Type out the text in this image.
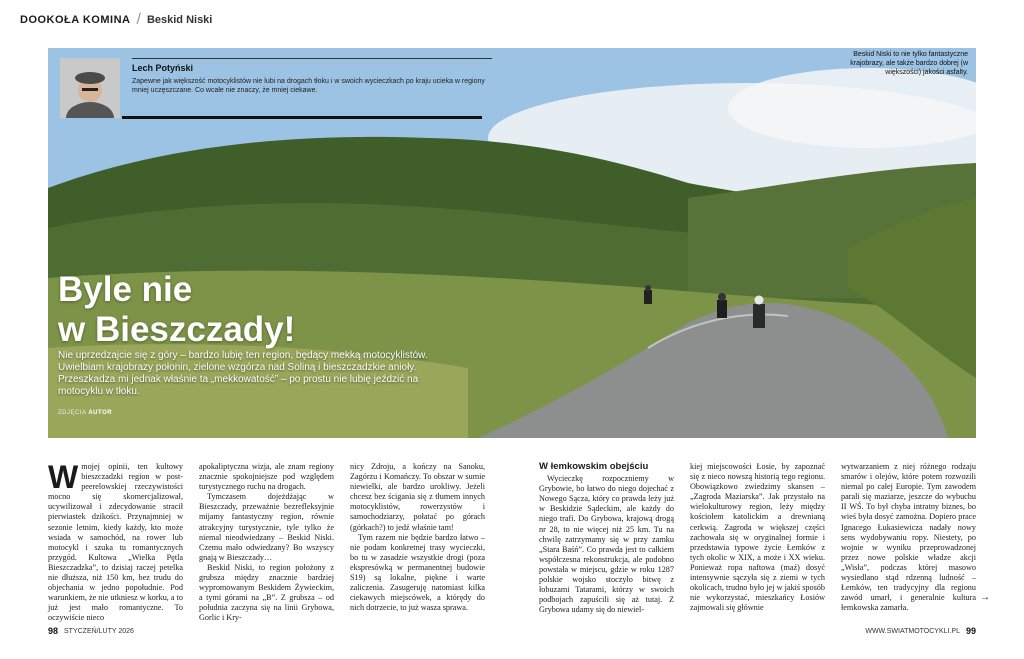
DOOKOŁA KOMINA / Beskid Niski
Lech Potyński
Zapewne jak większość motocyklistów nie lubi na drogach tłoku i w swoich wycieczkach po kraju ucieka w regiony mniej uczęszczane. Co wcale nie znaczy, że mniej ciekawe.
Beskid Niski to nie tylko fantastyczne krajobrazy, ale także bardzo dobrej (w większości) jakości asfalty.
Byle nie
w Bieszczady!
Nie uprzedzajcie się z góry – bardzo lubię ten region, będący mekką motocyklistów. Uwielbiam krajobrazy połonin, zielone wzgórza nad Soliną i bieszczadzkie anioły. Przeszkadza mi jednak właśnie ta „mekkowatość” – po prostu nie lubię jeździć na motocyklu w tłoku.
ZDJĘCIA AUTOR

Wmojej opinii, ten kultowy bieszczadzki region w post-peerelowskiej rzeczywistości mocno się skomercjalizował, ucywilizował i zdecydowanie stracił pierwiastek dzikości. Przynajmniej w sezonie letnim, kiedy każdy, kto może wsiada w samochód, na rower lub motocykl i szuka tu romantycznych przygód. Kultowa „Wielka Pętla Bieszczadzka”, to dzisiaj raczej petelka nie dłuższa, niż 150 km, bez trudu do objechania w jedno popołudnie. Pod warunkiem, że nie utkniesz w korku, a to już jest mało romantyczne. To oczywiście nieco

apokaliptyczna wizja, ale znam regiony znacznie spokojniejsze pod względem turystycznego ruchu na drogach.

Tymczasem dojeżdżając w Bieszczady, przeważnie bezrefleksyjnie mijamy fantastyczny region, równie atrakcyjny turystycznie, tyle tylko że niemal nieodwiedzany – Beskid Niski. Czemu mało odwiedzany? Bo wszyscy gnają w Bieszczady…

Beskid Niski, to region położony z grubsza między znacznie bardziej wypromowanym Beskidem Żywieckim, a tymi górami na „B”. Z grubsza – od południa zaczyna się na linii Grybowa, Gorlic i Kry-

nicy Zdroju, a kończy na Sanoku, Zagórzu i Komańczy. To obszar w sumie niewielki, ale bardzo urokliwy. Jeżeli chcesz bez ścigania się z tłumem innych motocyklistów, rowerzystów i samochodziarzy, połatać po górach (górkach?) to jedź właśnie tam!

Tym razem nie będzie bardzo łatwo – nie podam konkretnej trasy wycieczki, bo tu w zasadzie wszystkie drogi (poza ekspresówką w permanentnej budowie S19) są lokalne, piękne i warte zaliczenia. Zasugeruję natomiast kilka ciekawych miejscówek, a którędy do nich dotrzecie, to już wasza sprawa.

W łemkowskim obejściu

Wycieczkę rozpoczniemy w Grybowie, bo łatwo do niego dojechać z Nowego Sącza, który co prawda leży już w Beskidzie Sądeckim, ale każdy do niego trafi. Do Grybowa, krajową drogą nr 28, to nie więcej niż 25 km. Tu na chwilę zatrzymamy się w przy zamku „Stara Baśń”. Co prawda jest to całkiem współczesna rekonstrukcja, ale podobno powstała w miejscu, gdzie w roku 1287 polskie wojsko stoczyło bitwę z łobuzami Tatarami, którzy w swoich podbojach zapuścili się aż tutaj. Z Grybowa udamy się do niewiel-

kiej miejscowości Łosie, by zapoznać się z nieco nowszą historią tego regionu. Obowiązkowo zwiedzimy skansen – „Zagroda Maziarska”. Jak przystało na wielokulturowy region, leży między kościołem katolickim a drewnianą cerkwią. Zagroda w większej części zachowała się w oryginalnej formie i przedstawia typowe życie Łemków z tych okolic w XIX, a może i XX wieku. Ponieważ ropa naftowa (maź) dosyć intensywnie sączyła się z ziemi w tych okolicach, trudno było jej w jakiś sposób nie wykorzystać, mieszkańcy Łosiów zajmowali się głównie

wytwarzaniem z niej różnego rodzaju smarów i olejów, które potem rozwozili niemal po całej Europie. Tym zawodem parali się maziarze, jeszcze do wybuchu II WŚ. To był chyba intratny biznes, bo wieś była dosyć zamożna. Dopiero prace Ignacego Łukasiewicza nadały nowy sens wydobywaniu ropy. Niestety, po wojnie w wyniku przeprowadzonej przez nowe polskie władze akcji „Wisła”, podczas której masowo wysiedlano stąd rdzenną ludność – Łemków, ten tradycyjny dla regionu zawód umarł, i generalnie kultura łemkowska zamarła.

→
98 STYCZEŃ/LUTY 2026	WWW.SWIATMOTOCYKLI.PL 99
